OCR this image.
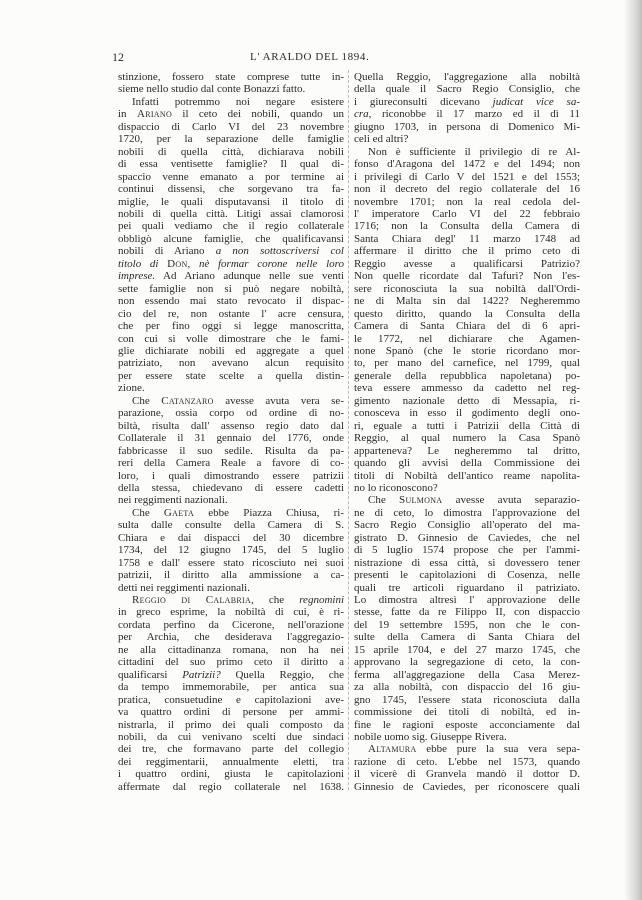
12	L' ARALDO DEL 1894.
stinzione, fossero state comprese tutte in-
sieme nello studio dal conte Bonazzi fatto.
Infatti potremmo noi negare esistere
in Ariano il ceto dei nobili, quando un
dispaccio di Carlo VI del 23 novembre
1720, per la separazione delle famiglie
nobili di quella città, dichiarava nobili
di essa ventisette famiglie? Il qual di-
spaccio venne emanato a por termine ai
continui dissensi, che sorgevano tra fa-
miglie, le quali disputavansi il titolo di
nobili di quella città. Litigi assai clamorosi
pei quali vediamo che il regio collaterale
obbligò alcune famiglie, che qualificavansi
nobili di Ariano a non sottoscriversi col
titolo di Don, nè formar corone nelle loro
imprese. Ad Ariano adunque nelle sue venti
sette famiglie non si può negare nobiltà,
non essendo mai stato revocato il dispac-
cio del re, non ostante l' acre censura,
che per fino oggi si legge manoscritta,
con cui si volle dimostrare che le fami-
glie dichiarate nobili ed aggregate a quel
patriziato, non avevano alcun requisito
per essere state scelte a quella distin-
zione.
Che Catanzaro avesse avuta vera se-
parazione, ossia corpo od ordine di no-
biltà, risulta dall' assenso regio dato dal
Collaterale il 31 gennaio del 1776, onde
fabbricasse il suo sedile. Risulta da pa-
reri della Camera Reale a favore di co-
loro, i quali dimostrando essere patrizii
della stessa, chiedevano di essere cadetti
nei reggimenti nazionali.
Che Gaeta ebbe Piazza Chiusa, ri-
sulta dalle consulte della Camera di S.
Chiara e dai dispacci del 30 dicembre
1734, del 12 giugno 1745, del 5 luglio
1758 e dall' essere stato ricosciuto nei suoi
patrizii, il diritto alla ammissione a ca-
detti nei reggimenti nazionali.
Reggio di Calabria, che regnomini
in greco esprime, la nobiltà di cui, è ri-
cordata perfino da Cicerone, nell'orazione
per Archia, che desiderava l'aggregazio-
ne alla cittadinanza romana, non ha nei
cittadini del suo primo ceto il diritto a
qualificarsi Patrizii? Quella Reggio, che
da tempo immemorabile, per antica sua
pratica, consuetudine e capitolazioni ave-
va quattro ordini di persone per ammi-
nistrarla, il primo dei quali composto da
nobili, da cui venivano scelti due sindaci
dei tre, che formavano parte del collegio
dei reggimentarii, annualmente eletti, tra
i quattro ordini, giusta le capitolazioni
affermate dal regio collaterale nel 1638.
Quella Reggio, l'aggregazione alla nobiltà
della quale il Sacro Regio Consiglio, che
i giureconsulti dicevano judicat vice sa-
cra, riconobbe il 17 marzo ed il dì 11
giugno 1703, in persona di Domenico Mi-
celi ed altri?
Non è sufficiente il privilegio di re Al-
fonso d'Aragona del 1472 e del 1494; non
i privilegi di Carlo V del 1521 e del 1553;
non il decreto del regio collaterale del 16
novembre 1701; non la real cedola del-
l' imperatore Carlo VI del 22 febbraio
1716; non la Consulta della Camera di
Santa Chiara degl' 11 marzo 1748 ad
affermare il diritto che il primo ceto di
Reggio avesse a qualificarsi Patrizio?
Non quelle ricordate dal Tafuri? Non l'es-
sere riconosciuta la sua nobiltà dall'Ordi-
ne di Malta sin dal 1422? Negheremmo
questo diritto, quando la Consulta della
Camera di Santa Chiara del dì 6 apri-
le 1772, nel dichiarare che Agamen-
none Spanò (che le storie ricordano mor-
to, per mano del carnefice, nel 1799, qual
generale della repubblica napoletana) po-
teva essere ammesso da cadetto nel reg-
gimento nazionale detto di Messapia, ri-
conosceva in esso il godimento degli ono-
ri, eguale a tutti i Patrizii della Città di
Reggio, al qual numero la Casa Spanò
apparteneva? Le negheremmo tal dritto,
quando gli avvisi della Commissione dei
titoli di Nobiltà dell'antico reame napolita-
no lo riconoscono?
Che Sulmona avesse avuta separazio-
ne di ceto, lo dimostra l'approvazione del
Sacro Regio Consiglio all'operato del ma-
gistrato D. Ginnesio de Caviedes, che nel
dì 5 luglio 1574 propose che per l'ammi-
nistrazione di essa città, si dovessero tener
presenti le capitolazioni di Cosenza, nelle
quali tre articoli riguardano il patriziato.
Lo dimostra altresì l' approvazione delle
stesse, fatte da re Filippo II, con dispaccio
del 19 settembre 1595, non che le con-
sulte della Camera di Santa Chiara del
15 aprile 1704, e del 27 marzo 1745, che
approvano la segregazione di ceto, la con-
ferma all'aggregazione della Casa Merez-
za alla nobiltà, con dispaccio del 16 giu-
gno 1745, l'essere stata riconosciuta dalla
commissione dei titoli di nobiltà, ed in-
fine le ragioni esposte acconciamente dal
nobile uomo sig. Giuseppe Rivera.
Altamura ebbe pure la sua vera sepa-
razione di ceto. L'ebbe nel 1573, quando
il vicerè di Granvela mandò il dottor D.
Ginnesio de Caviedes, per riconoscere quali
